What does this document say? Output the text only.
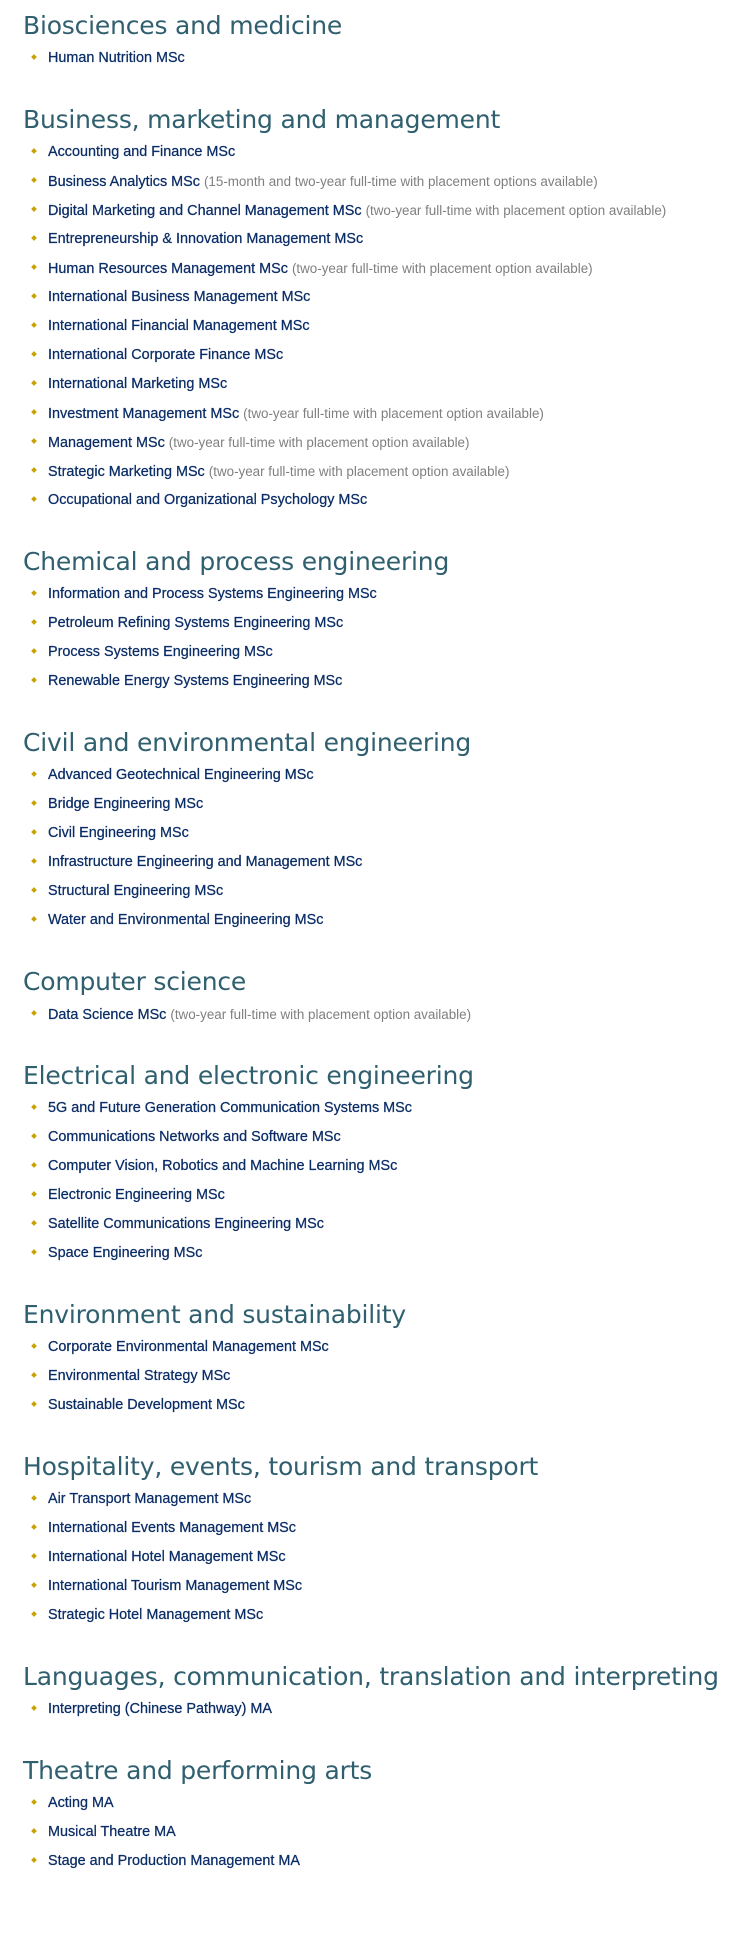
Biosciences and medicine
Human Nutrition MSc
Business, marketing and management
Accounting and Finance MSc
Business Analytics MSc (15-month and two-year full-time with placement options available)
Digital Marketing and Channel Management MSc (two-year full-time with placement option available)
Entrepreneurship & Innovation Management MSc
Human Resources Management MSc (two-year full-time with placement option available)
International Business Management MSc
International Financial Management MSc
International Corporate Finance MSc
International Marketing MSc
Investment Management MSc (two-year full-time with placement option available)
Management MSc (two-year full-time with placement option available)
Strategic Marketing MSc (two-year full-time with placement option available)
Occupational and Organizational Psychology MSc
Chemical and process engineering
Information and Process Systems Engineering MSc
Petroleum Refining Systems Engineering MSc
Process Systems Engineering MSc
Renewable Energy Systems Engineering MSc
Civil and environmental engineering
Advanced Geotechnical Engineering MSc
Bridge Engineering MSc
Civil Engineering MSc
Infrastructure Engineering and Management MSc
Structural Engineering MSc
Water and Environmental Engineering MSc
Computer science
Data Science MSc (two-year full-time with placement option available)
Electrical and electronic engineering
5G and Future Generation Communication Systems MSc
Communications Networks and Software MSc
Computer Vision, Robotics and Machine Learning MSc
Electronic Engineering MSc
Satellite Communications Engineering MSc
Space Engineering MSc
Environment and sustainability
Corporate Environmental Management MSc
Environmental Strategy MSc
Sustainable Development MSc
Hospitality, events, tourism and transport
Air Transport Management MSc
International Events Management MSc
International Hotel Management MSc
International Tourism Management MSc
Strategic Hotel Management MSc
Languages, communication, translation and interpreting
Interpreting (Chinese Pathway) MA
Theatre and performing arts
Acting MA
Musical Theatre MA
Stage and Production Management MA
